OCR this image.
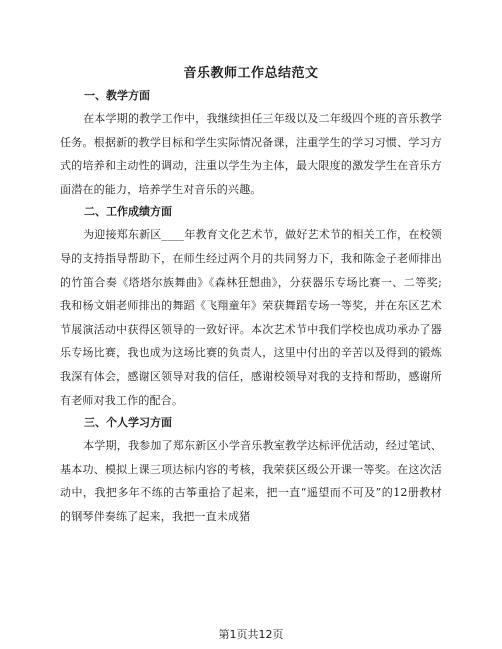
音乐教师工作总结范文
一、教学方面

在本学期的教学工作中，我继续担任三年级以及二年级四个班的音乐教学任务。根据新的教学目标和学生实际情况备课，注重学生的学习习惯、学习方式的培养和主动性的调动，注重以学生为主体，最大限度的激发学生在音乐方面潜在的能力，培养学生对音乐的兴趣。

二、工作成绩方面

为迎接郑东新区____年教育文化艺术节，做好艺术节的相关工作，在校领导的支持指导帮助下，在师生经过两个月的共同努力下，我和陈金子老师排出的竹笛合奏《塔塔尔族舞曲》《森林狂想曲》，分获器乐专场比赛一、二等奖;我和杨文娟老师排出的舞蹈《飞翔童年》荣获舞蹈专场一等奖，并在东区艺术节展演活动中获得区领导的一致好评。本次艺术节中我们学校也成功承办了器乐专场比赛，我也成为这场比赛的负责人，这里中付出的辛苦以及得到的锻炼我深有体会，感谢区领导对我的信任，感谢校领导对我的支持和帮助，感谢所有老师对我工作的配合。

三、个人学习方面

本学期，我参加了郑东新区小学音乐教室教学达标评优活动，经过笔试、基本功、模拟上课三项达标内容的考核，我荣获区级公开课一等奖。在这次活动中，我把多年不练的古筝重拾了起来，把一直“遥望而不可及”的12册教材的钢琴伴奏练了起来，我把一直未成猪

第1页共12页
